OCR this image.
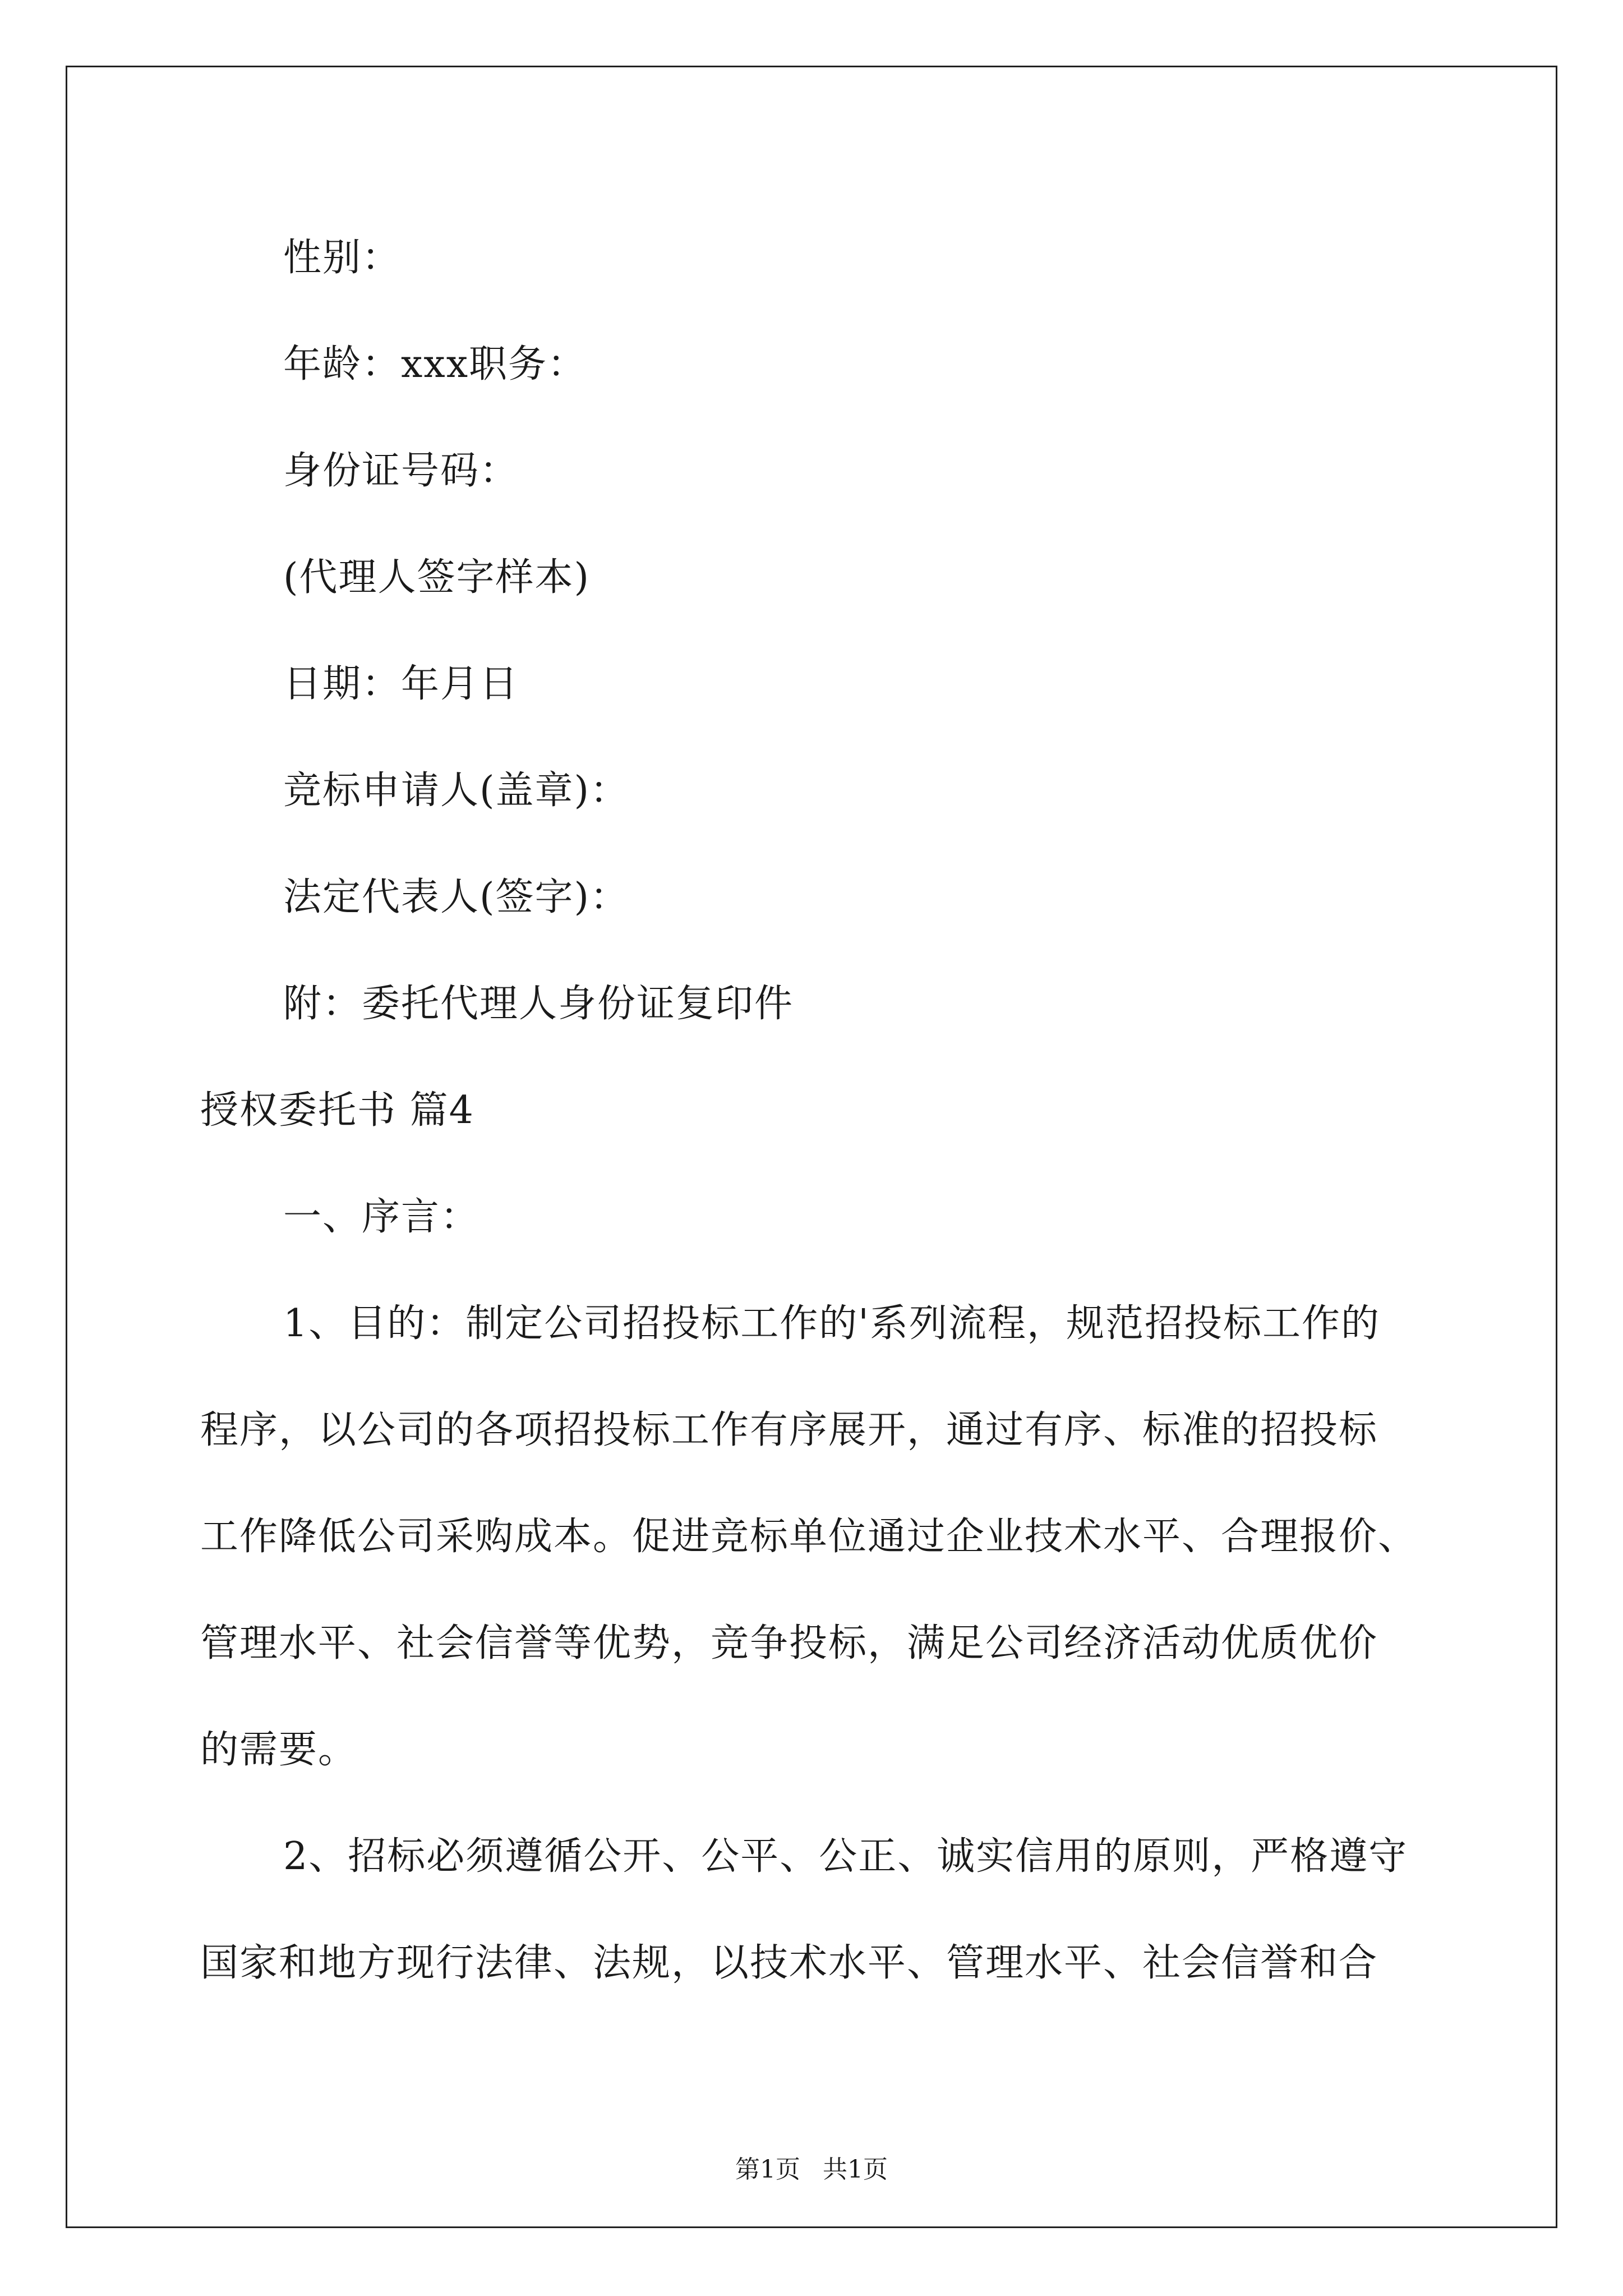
性别：
年龄：xxx职务：
身份证号码：
(代理人签字样本)
日期：年月日
竞标申请人(盖章)：
法定代表人(签字)：
附：委托代理人身份证复印件
授权委托书 篇4
一、序言：
1、目的：制定公司招投标工作的'系列流程，规范招投标工作的
程序，以公司的各项招投标工作有序展开，通过有序、标准的招投标
工作降低公司采购成本。促进竞标单位通过企业技术水平、合理报价、
管理水平、社会信誉等优势，竞争投标，满足公司经济活动优质优价
的需要。
2、招标必须遵循公开、公平、公正、诚实信用的原则，严格遵守
国家和地方现行法律、法规，以技术水平、管理水平、社会信誉和合
第1页 共1页
